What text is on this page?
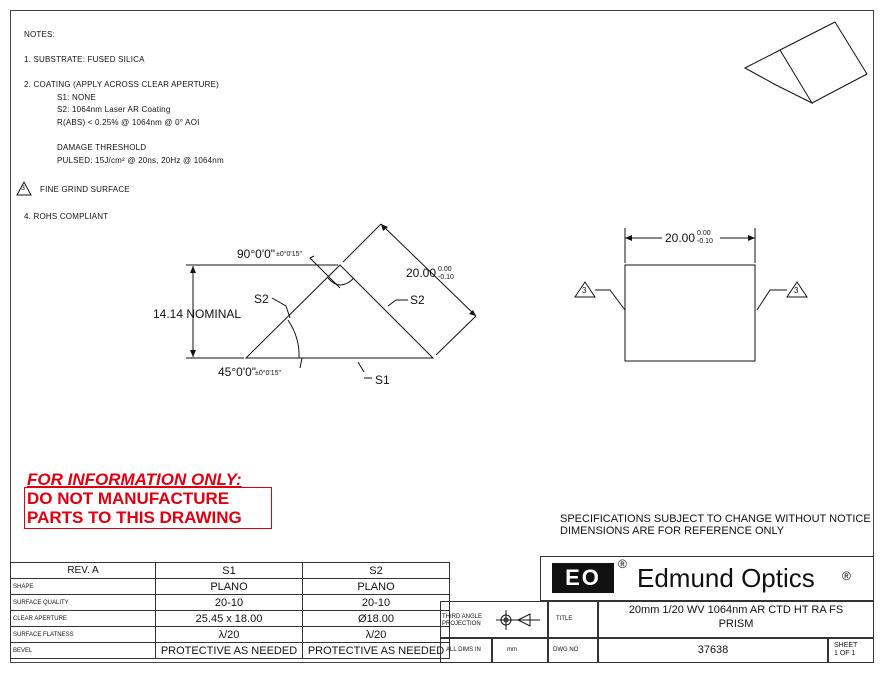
NOTES:
1. SUBSTRATE: FUSED SILICA
2. COATING (APPLY ACROSS CLEAR APERTURE)
S1: NONE
S2: 1064nm Laser AR Coating
R(ABS) < 0.25% @ 1064nm @ 0° AOI
DAMAGE THRESHOLD
PULSED: 15J/cm² @ 20ns, 20Hz @ 1064nm
FINE GRIND SURFACE
4. ROHS COMPLIANT
90°0'0" ±0°0'15"
14.14 NOMINAL
20.00 0.00
-0.10
S2	S2
45°0'0"
±0°0'15"	S1
20.00 0.00
-0.10
3	3
3
FOR INFORMATION ONLY:
DO NOT MANUFACTURE
PARTS TO THIS DRAWING	SPECIFICATIONS SUBJECT TO CHANGE WITHOUT NOTICE
DIMENSIONS ARE FOR REFERENCE ONLY
REV. A	S1	S2
SHAPE	PLANO	PLANO
SURFACE QUALITY	20-10	20-10
CLEAR APERTURE	25.45 x 18.00	Ø18.00
SURFACE FLATNESS	λ/20	λ/20
BEVEL	PROTECTIVE AS NEEDED	PROTECTIVE AS NEEDED
EO
® Edmund Optics ®
THIRD ANGLE
PROJECTION
TITLE
20mm 1/20 WV 1064nm AR CTD HT RA FS
PRISM
ALL DIMS IN	mm	DWG NO	37638	SHEET
1 OF 1
